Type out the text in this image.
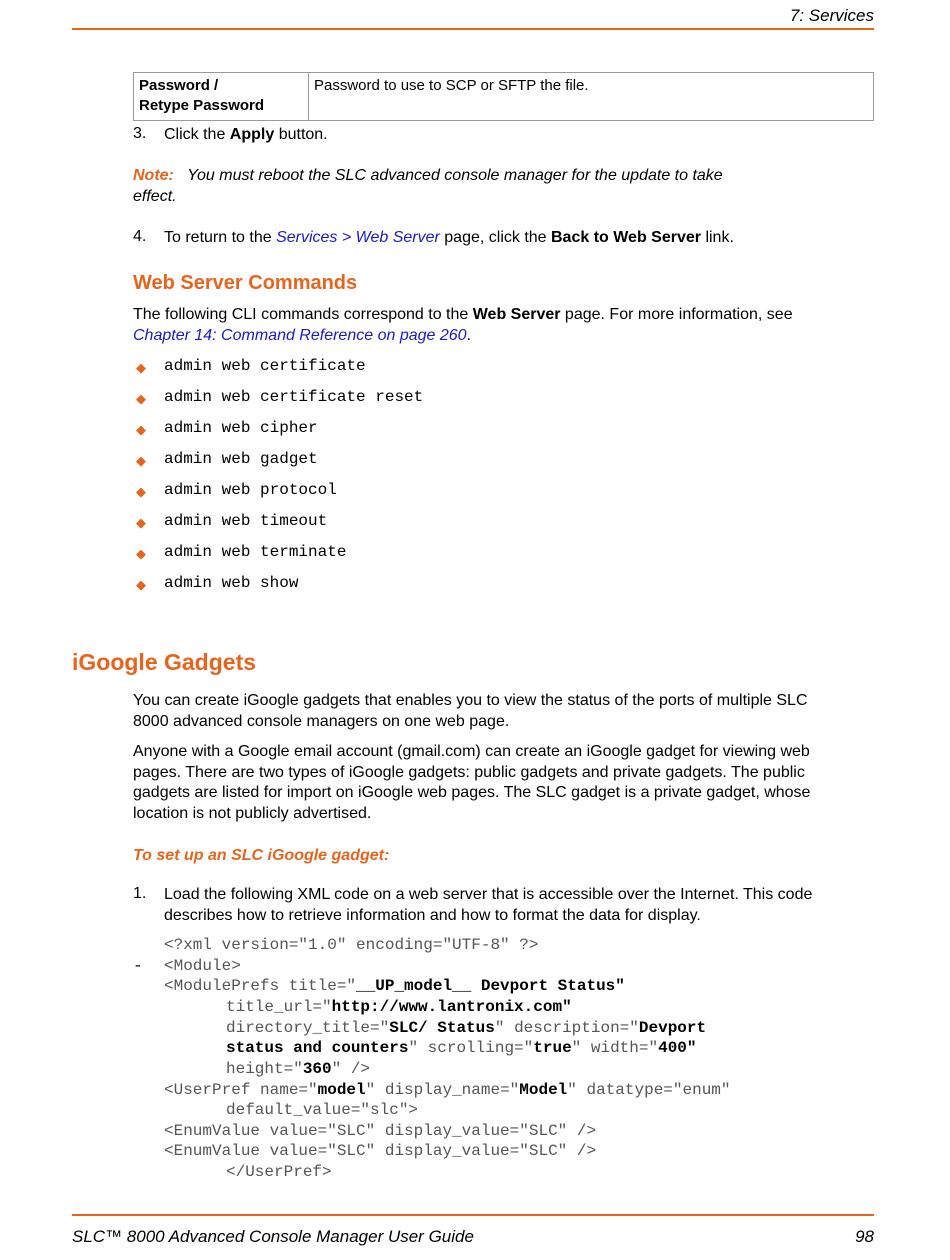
7: Services
Password /
Retype Password	Password to use to SCP or SFTP the file.
3. Click the Apply button.
Note: You must reboot the SLC advanced console manager for the update to take
effect.
4. To return to the Services > Web Server page, click the Back to Web Server link.
Web Server Commands
The following CLI commands correspond to the Web Server page. For more information, see
Chapter 14: Command Reference on page 260.
◆ admin web certificate
◆ admin web certificate reset
◆ admin web cipher
◆ admin web gadget
◆ admin web protocol
◆ admin web timeout
◆ admin web terminate
◆ admin web show
iGoogle Gadgets
You can create iGoogle gadgets that enables you to view the status of the ports of multiple SLC
8000 advanced console managers on one web page.
Anyone with a Google email account (gmail.com) can create an iGoogle gadget for viewing web
pages. There are two types of iGoogle gadgets: public gadgets and private gadgets. The public
gadgets are listed for import on iGoogle web pages. The SLC gadget is a private gadget, whose
location is not publicly advertised.
To set up an SLC iGoogle gadget:
1. Load the following XML code on a web server that is accessible over the Internet. This code
describes how to retrieve information and how to format the data for display.
-
<?xml version="1.0" encoding="UTF-8" ?>
<Module>
<ModulePrefs title="__UP_model__ Devport Status"
title_url="http://www.lantronix.com"
directory_title="SLC/ Status" description="Devport
status and counters" scrolling="true" width="400"
height="360" />
<UserPref name="model" display_name="Model" datatype="enum"
default_value="slc">
<EnumValue value="SLC" display_value="SLC" />
<EnumValue value="SLC" display_value="SLC" />
</UserPref>
SLC™ 8000 Advanced Console Manager User Guide	98
